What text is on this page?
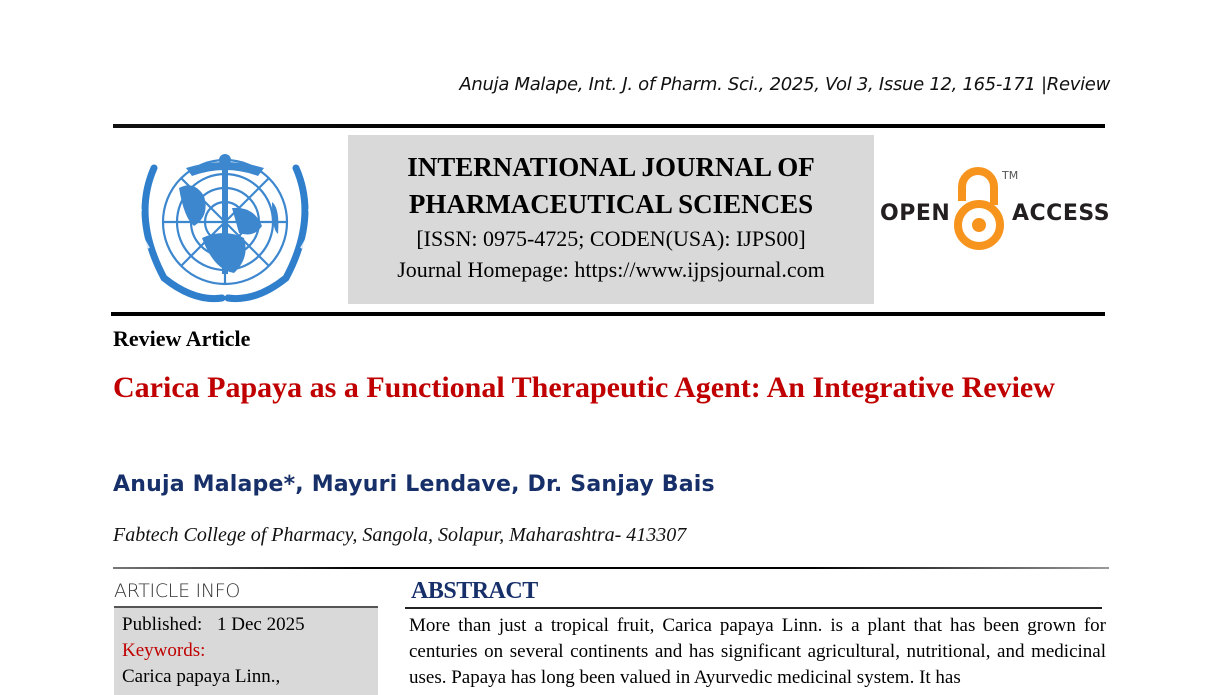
Anuja Malape, Int. J. of Pharm. Sci., 2025, Vol 3, Issue 12, 165-171 |Review
INTERNATIONAL JOURNAL OF
PHARMACEUTICAL SCIENCES
[ISSN: 0975-4725; CODEN(USA): IJPS00]
Journal Homepage: https://www.ijpsjournal.com
OPEN
TM
ACCESS
Review Article
Carica Papaya as a Functional Therapeutic Agent: An Integrative Review
Anuja Malape*, Mayuri Lendave, Dr. Sanjay Bais
Fabtech College of Pharmacy, Sangola, Solapur, Maharashtra- 413307
ARTICLE INFO
Published: 1 Dec 2025
Keywords:
Carica papaya Linn.,
ABSTRACT
More than just a tropical fruit, Carica papaya Linn. is a plant that has been grown for centuries on several continents and has significant agricultural, nutritional, and medicinal uses. Papaya has long been valued in Ayurvedic medicinal system. It has
